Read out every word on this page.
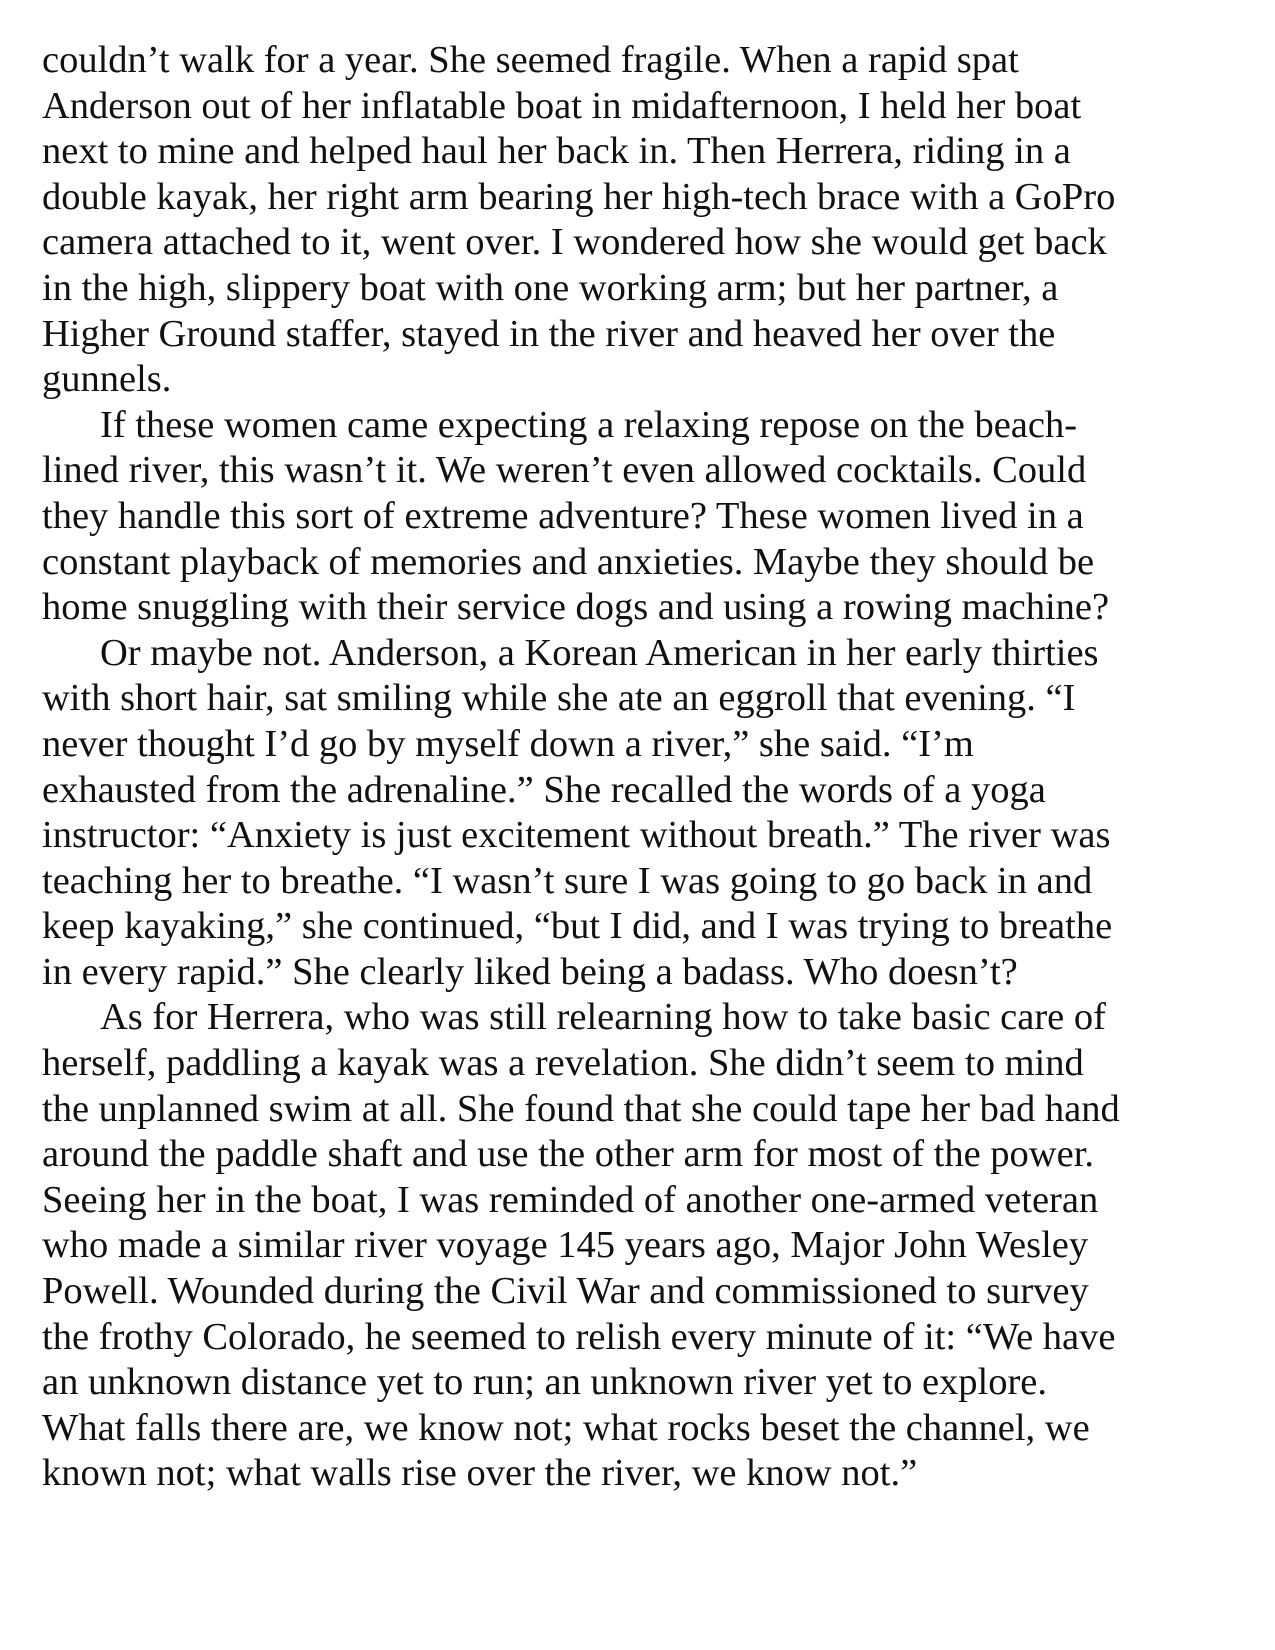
couldn’t walk for a year. She seemed fragile. When a rapid spat
Anderson out of her inflatable boat in midafternoon, I held her boat
next to mine and helped haul her back in. Then Herrera, riding in a
double kayak, her right arm bearing her high-tech brace with a GoPro
camera attached to it, went over. I wondered how she would get back
in the high, slippery boat with one working arm; but her partner, a
Higher Ground staffer, stayed in the river and heaved her over the
gunnels.
If these women came expecting a relaxing repose on the beach-
lined river, this wasn’t it. We weren’t even allowed cocktails. Could
they handle this sort of extreme adventure? These women lived in a
constant playback of memories and anxieties. Maybe they should be
home snuggling with their service dogs and using a rowing machine?
Or maybe not. Anderson, a Korean American in her early thirties
with short hair, sat smiling while she ate an eggroll that evening. “I
never thought I’d go by myself down a river,” she said. “I’m
exhausted from the adrenaline.” She recalled the words of a yoga
instructor: “Anxiety is just excitement without breath.” The river was
teaching her to breathe. “I wasn’t sure I was going to go back in and
keep kayaking,” she continued, “but I did, and I was trying to breathe
in every rapid.” She clearly liked being a badass. Who doesn’t?
As for Herrera, who was still relearning how to take basic care of
herself, paddling a kayak was a revelation. She didn’t seem to mind
the unplanned swim at all. She found that she could tape her bad hand
around the paddle shaft and use the other arm for most of the power.
Seeing her in the boat, I was reminded of another one-armed veteran
who made a similar river voyage 145 years ago, Major John Wesley
Powell. Wounded during the Civil War and commissioned to survey
the frothy Colorado, he seemed to relish every minute of it: “We have
an unknown distance yet to run; an unknown river yet to explore.
What falls there are, we know not; what rocks beset the channel, we
known not; what walls rise over the river, we know not.”
